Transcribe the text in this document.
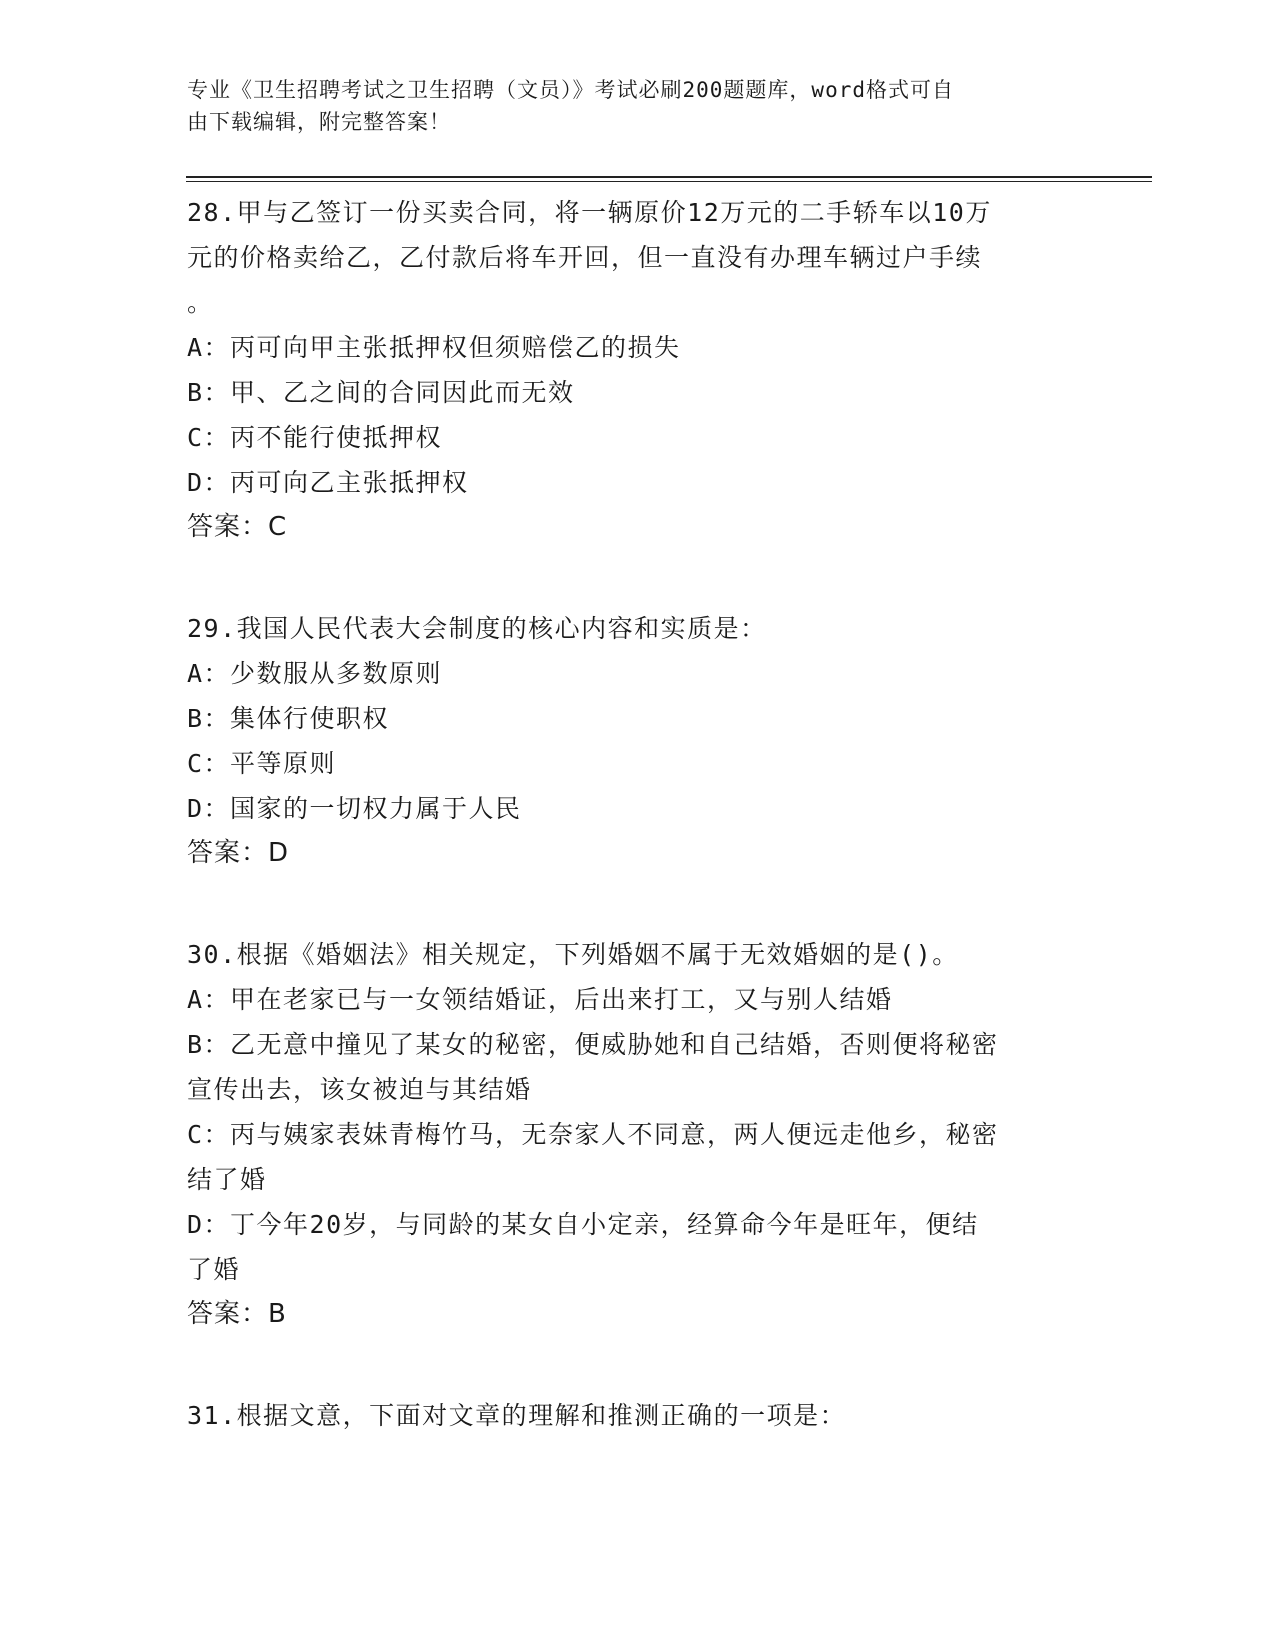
专业《卫生招聘考试之卫生招聘（文员）》考试必刷200题题库，word格式可自
由下载编辑，附完整答案！
28.甲与乙签订一份买卖合同，将一辆原价12万元的二手轿车以10万
元的价格卖给乙，乙付款后将车开回，但一直没有办理车辆过户手续
。
A：丙可向甲主张抵押权但须赔偿乙的损失
B：甲、乙之间的合同因此而无效
C：丙不能行使抵押权
D：丙可向乙主张抵押权
答案：C
29.我国人民代表大会制度的核心内容和实质是：
A：少数服从多数原则
B：集体行使职权
C：平等原则
D：国家的一切权力属于人民
答案：D
30.根据《婚姻法》相关规定，下列婚姻不属于无效婚姻的是()。
A：甲在老家已与一女领结婚证，后出来打工，又与别人结婚
B：乙无意中撞见了某女的秘密，便威胁她和自己结婚，否则便将秘密
宣传出去，该女被迫与其结婚
C：丙与姨家表妹青梅竹马，无奈家人不同意，两人便远走他乡，秘密
结了婚
D：丁今年20岁，与同龄的某女自小定亲，经算命今年是旺年，便结
了婚
答案：B
31.根据文意，下面对文章的理解和推测正确的一项是：
